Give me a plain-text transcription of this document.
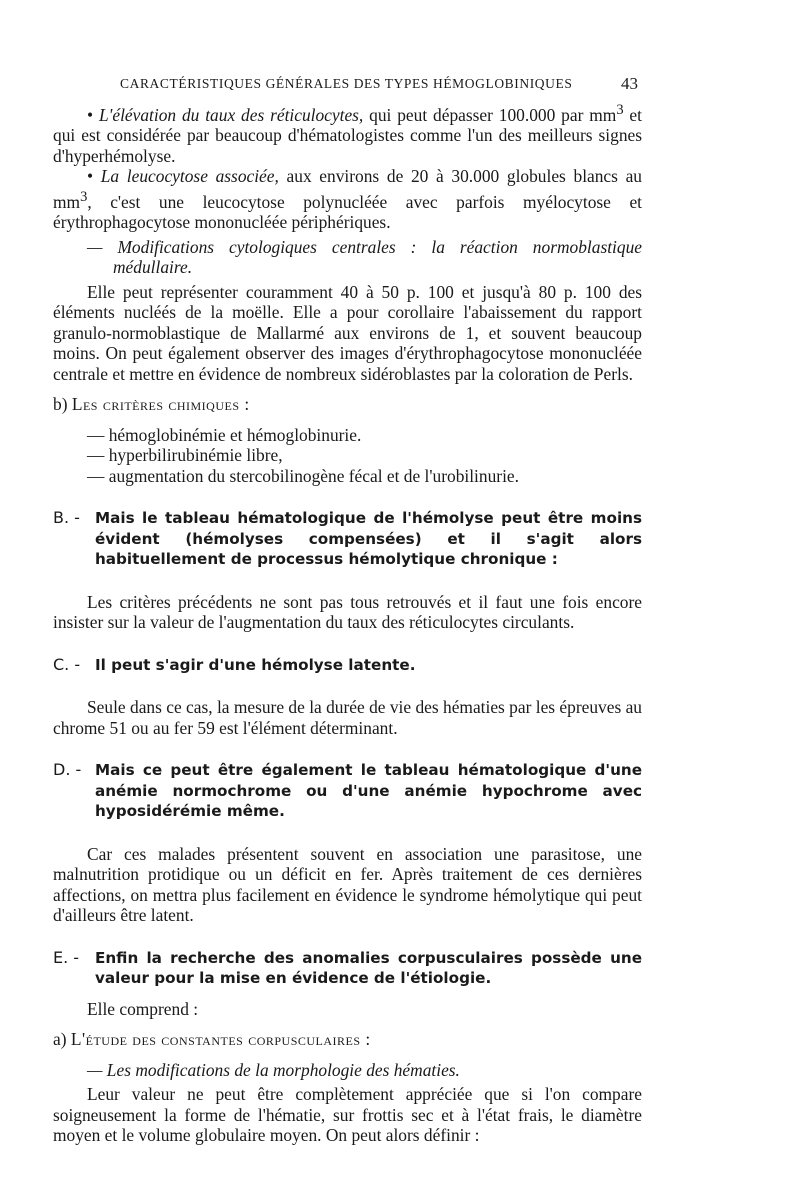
CARACTÉRISTIQUES GÉNÉRALES DES TYPES HÉMOGLOBINIQUES	43

• L'élévation du taux des réticulocytes, qui peut dépasser 100.000 par $mm^3$ et qui est considérée par beaucoup d'hématologistes comme l'un des meilleurs signes d'hyperhémolyse.

• La leucocytose associée, aux environs de 20 à 30.000 globules blancs au $mm^3$, c'est une leucocytose polynucléée avec parfois myélocytose et érythrophagocytose mononucléée périphériques.

— Modifications cytologiques centrales : la réaction normoblastique médullaire.

Elle peut représenter couramment 40 à 50 p. 100 et jusqu'à 80 p. 100 des éléments nucléés de la moëlle. Elle a pour corollaire l'abaissement du rapport granulo-normoblastique de Mallarmé aux environs de 1, et souvent beaucoup moins. On peut également observer des images d'érythrophagocytose mononucléée centrale et mettre en évidence de nombreux sidéroblastes par la coloration de Perls.

b) Les critères chimiques :

— hémoglobinémie et hémoglobinurie.

— hyperbilirubinémie libre,

— augmentation du stercobilinogène fécal et de l'urobilinurie.

B. - Mais le tableau hématologique de l'hémolyse peut être moins évident (hémolyses compensées) et il s'agit alors habituellement de processus hémolytique chronique :

Les critères précédents ne sont pas tous retrouvés et il faut une fois encore insister sur la valeur de l'augmentation du taux des réticulocytes circulants.

C. - Il peut s'agir d'une hémolyse latente.

Seule dans ce cas, la mesure de la durée de vie des hématies par les épreuves au chrome 51 ou au fer 59 est l'élément déterminant.

D. - Mais ce peut être également le tableau hématologique d'une anémie normochrome ou d'une anémie hypochrome avec hyposidérémie même.

Car ces malades présentent souvent en association une parasitose, une malnutrition protidique ou un déficit en fer. Après traitement de ces dernières affections, on mettra plus facilement en évidence le syndrome hémolytique qui peut d'ailleurs être latent.

E. - Enfin la recherche des anomalies corpusculaires possède une valeur pour la mise en évidence de l'étiologie.

Elle comprend :

a) L'étude des constantes corpusculaires :

— Les modifications de la morphologie des hématies.

Leur valeur ne peut être complètement appréciée que si l'on compare soigneusement la forme de l'hématie, sur frottis sec et à l'état frais, le diamètre moyen et le volume globulaire moyen. On peut alors définir :
